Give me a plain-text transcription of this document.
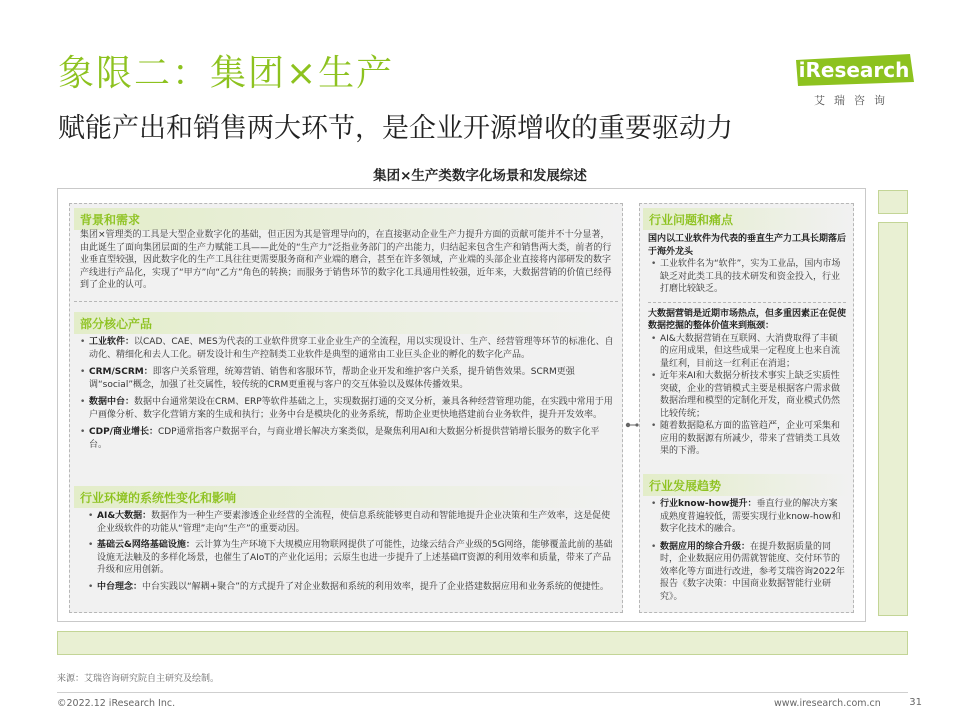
象限二：集团×生产
赋能产出和销售两大环节，是企业开源增收的重要驱动力
iResearch
艾瑞咨询
集团×生产类数字化场景和发展综述
背景和需求
集团×管理类的工具是大型企业数字化的基础，但正因为其是管理导向的，在直接驱动企业生产力提升方面的贡献可能并不十分显著，由此诞生了面向集团层面的生产力赋能工具——此处的“生产力”泛指业务部门的产出能力，归结起来包含生产和销售两大类，前者的行业垂直型较强，因此数字化的生产工具往往更需要服务商和产业端的磨合，甚至在许多领域，产业端的头部企业直接将内部研发的数字产线进行产品化，实现了“甲方”向“乙方”角色的转换；而服务于销售环节的数字化工具通用性较强，近年来，大数据营销的价值已经得到了企业的认可。
部分核心产品
• 工业软件：以CAD、CAE、MES为代表的工业软件贯穿工业企业生产的全流程，用以实现设计、生产、经营管理等环节的标准化、自动化、精细化和去人工化。研发设计和生产控制类工业软件是典型的通常由工业巨头企业的孵化的数字化产品。
• CRM/SCRM：即客户关系管理，统筹营销、销售和客服环节，帮助企业开发和维护客户关系，提升销售效果。SCRM更强调“social”概念，加强了社交属性，较传统的CRM更重视与客户的交互体验以及媒体传播效果。
• 数据中台：数据中台通常架设在CRM、ERP等软件基础之上，实现数据打通的交叉分析，兼具各种经营管理功能，在实践中常用于用户画像分析、数字化营销方案的生成和执行；业务中台是模块化的业务系统，帮助企业更快地搭建前台业务软件，提升开发效率。
• CDP/商业增长：CDP通常指客户数据平台，与商业增长解决方案类似，是聚焦利用AI和大数据分析提供营销增长服务的数字化平台。
行业环境的系统性变化和影响
• AI&大数据：数据作为一种生产要素渗透企业经营的全流程，使信息系统能够更自动和智能地提升企业决策和生产效率，这是促使企业级软件的功能从“管理”走向“生产”的重要动因。
• 基础云&网络基础设施：云计算为生产环境下大规模应用物联网提供了可能性，边缘云结合产业级的5G网络，能够覆盖此前的基础设施无法触及的多样化场景，也催生了AIoT的产业化运用；云原生也进一步提升了上述基础IT资源的利用效率和质量，带来了产品升级和应用创新。
• 中台理念：中台实践以“解耦+聚合”的方式提升了对企业数据和系统的利用效率，提升了企业搭建数据应用和业务系统的便捷性。
行业问题和痛点
国内以工业软件为代表的垂直生产力工具长期落后于海外龙头
• 工业软件名为“软件”，实为工业品，国内市场缺乏对此类工具的技术研发和资金投入，行业打磨比较缺乏。
大数据营销是近期市场热点，但多重因素正在促使数据挖掘的整体价值来到瓶颈：
• AI&大数据营销在互联网、大消费取得了丰硕的应用成果，但这些成果一定程度上也来自流量红利，目前这一红利正在消退；
• 近年来AI和大数据分析技术事实上缺乏实质性突破，企业的营销模式主要是根据客户需求做数据治理和模型的定制化开发，商业模式仍然比较传统；
• 随着数据隐私方面的监管趋严，企业可采集和应用的数据源有所减少，带来了营销类工具效果的下滑。
行业发展趋势
• 行业know-how提升：垂直行业的解决方案成熟度普遍较低，需要实现行业know-how和数字化技术的融合。
• 数据应用的综合升级：在提升数据质量的同时，企业数据应用仍需就智能度、交付环节的效率化等方面进行改进，参考艾瑞咨询2022年报告《数字决策：中国商业数据智能行业研究》。
来源：艾瑞咨询研究院自主研究及绘制。
©2022.12 iResearch Inc.	www.iresearch.com.cn	31
